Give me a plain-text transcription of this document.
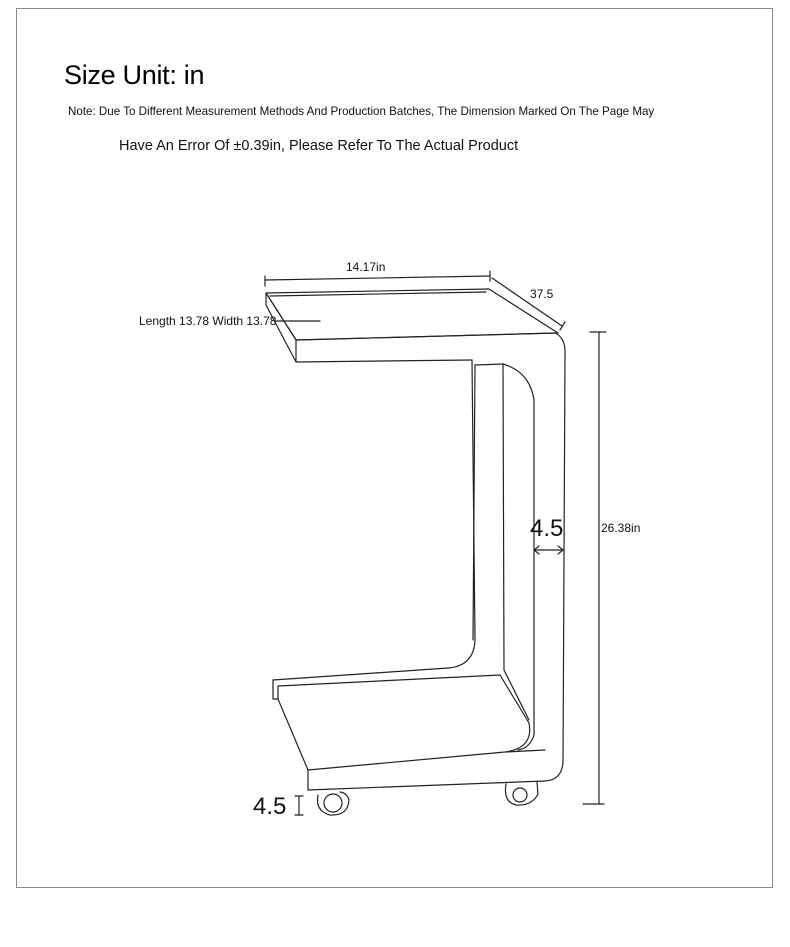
Size Unit: in
Note: Due To Different Measurement Methods And Production Batches, The Dimension Marked On The Page May
Have An Error Of ±0.39in, Please Refer To The Actual Product
14.17in
37.5
Length 13.78 Width 13.78
26.38in
4.5
4.5
